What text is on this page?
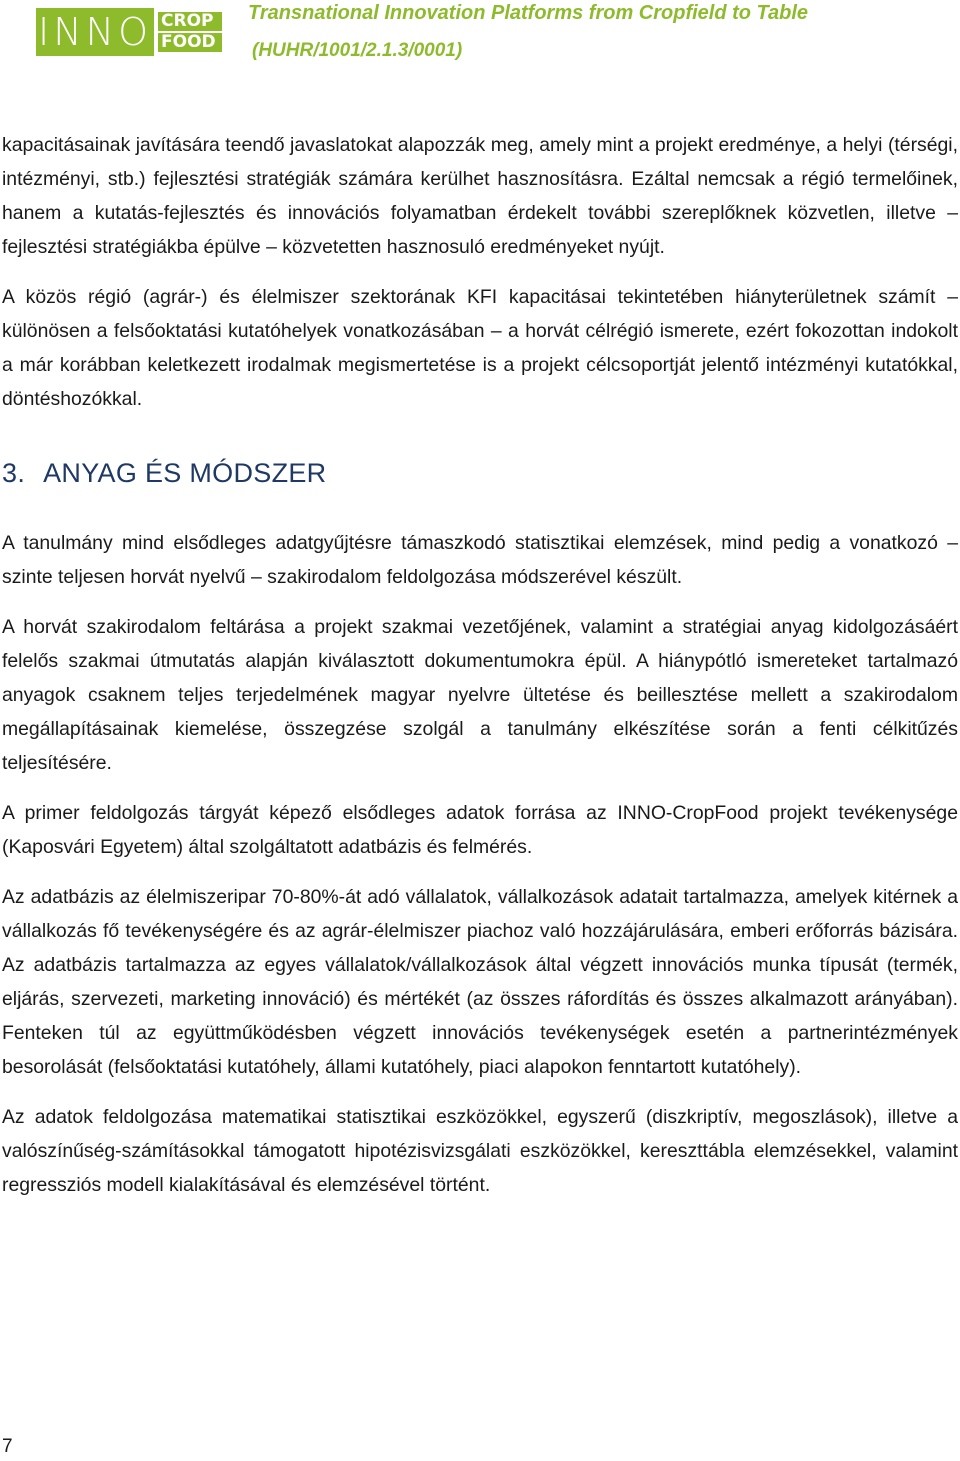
INNO CROP
FOOD
Transnational Innovation Platforms from Cropfield to Table
(HUHR/1001/2.1.3/0001)

kapacitásainak javítására teendő javaslatokat alapozzák meg, amely mint a projekt eredménye, a helyi (térségi, intézményi, stb.) fejlesztési stratégiák számára kerülhet hasznosításra. Ezáltal nemcsak a régió termelőinek, hanem a kutatás-fejlesztés és innovációs folyamatban érdekelt további szereplőknek közvetlen, illetve – fejlesztési stratégiákba épülve – közvetetten hasznosuló eredményeket nyújt.

A közös régió (agrár-) és élelmiszer szektorának KFI kapacitásai tekintetében hiányterületnek számít – különösen a felsőoktatási kutatóhelyek vonatkozásában – a horvát célrégió ismerete, ezért fokozottan indokolt a már korábban keletkezett irodalmak megismertetése is a projekt célcsoportját jelentő intézményi kutatókkal, döntéshozókkal.

3. ANYAG ÉS MÓDSZER

A tanulmány mind elsődleges adatgyűjtésre támaszkodó statisztikai elemzések, mind pedig a vonatkozó – szinte teljesen horvát nyelvű – szakirodalom feldolgozása módszerével készült.

A horvát szakirodalom feltárása a projekt szakmai vezetőjének, valamint a stratégiai anyag kidolgozásáért felelős szakmai útmutatás alapján kiválasztott dokumentumokra épül. A hiánypótló ismereteket tartalmazó anyagok csaknem teljes terjedelmének magyar nyelvre ültetése és beillesztése mellett a szakirodalom megállapításainak kiemelése, összegzése szolgál a tanulmány elkészítése során a fenti célkitűzés teljesítésére.

A primer feldolgozás tárgyát képező elsődleges adatok forrása az INNO-CropFood projekt tevékenysége (Kaposvári Egyetem) által szolgáltatott adatbázis és felmérés.

Az adatbázis az élelmiszeripar 70-80%-át adó vállalatok, vállalkozások adatait tartalmazza, amelyek kitérnek a vállalkozás fő tevékenységére és az agrár-élelmiszer piachoz való hozzájárulására, emberi erőforrás bázisára. Az adatbázis tartalmazza az egyes vállalatok/vállalkozások által végzett innovációs munka típusát (termék, eljárás, szervezeti, marketing innováció) és mértékét (az összes ráfordítás és összes alkalmazott arányában). Fenteken túl az együttműködésben végzett innovációs tevékenységek esetén a partnerintézmények besorolását (felsőoktatási kutatóhely, állami kutatóhely, piaci alapokon fenntartott kutatóhely).

Az adatok feldolgozása matematikai statisztikai eszközökkel, egyszerű (diszkriptív, megoszlások), illetve a valószínűség-számításokkal támogatott hipotézisvizsgálati eszközökkel, kereszttábla elemzésekkel, valamint regressziós modell kialakításával és elemzésével történt.

7
